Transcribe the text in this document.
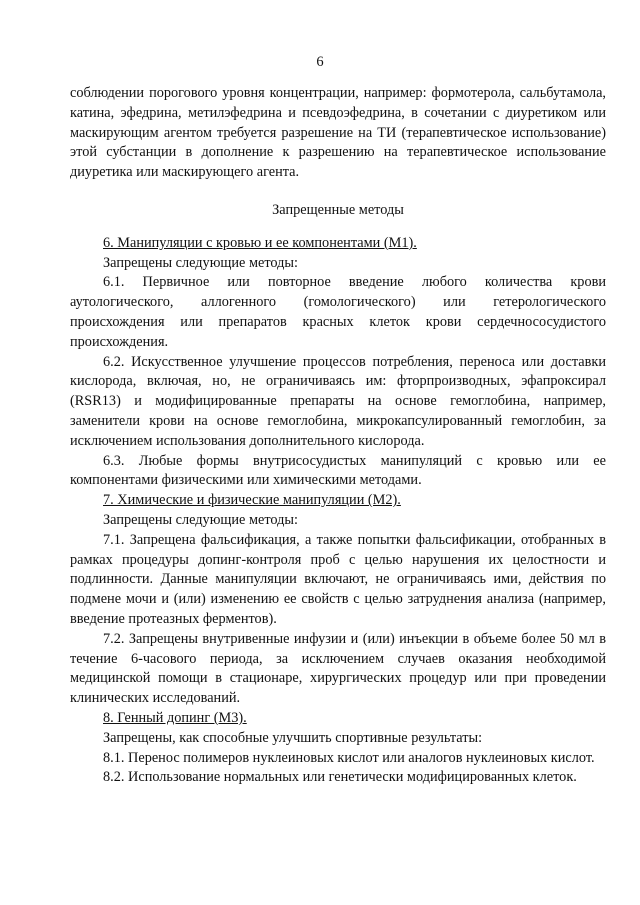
6

соблюдении порогового уровня концентрации, например: формотерола, сальбутамола, катина, эфедрина, метилэфедрина и псевдоэфедрина, в сочетании с диуретиком или маскирующим агентом требуется разрешение на ТИ (терапевтическое использование) этой субстанции в дополнение к разрешению на терапевтическое использование диуретика или маскирующего агента.

Запрещенные методы

6. Манипуляции с кровью и ее компонентами (M1).

Запрещены следующие методы:

6.1. Первичное или повторное введение любого количества крови аутологического, аллогенного (гомологического) или гетерологического происхождения или препаратов красных клеток крови сердечнососудистого происхождения.

6.2. Искусственное улучшение процессов потребления, переноса или доставки кислорода, включая, но, не ограничиваясь им: фторпроизводных, эфапроксирал (RSR13) и модифицированные препараты на основе гемоглобина, например, заменители крови на основе гемоглобина, микрокапсулированный гемоглобин, за исключением использования дополнительного кислорода.

6.3. Любые формы внутрисосудистых манипуляций с кровью или ее компонентами физическими или химическими методами.

7. Химические и физические манипуляции (M2).

Запрещены следующие методы:

7.1. Запрещена фальсификация, а также попытки фальсификации, отобранных в рамках процедуры допинг-контроля проб с целью нарушения их целостности и подлинности. Данные манипуляции включают, не ограничиваясь ими, действия по подмене мочи и (или) изменению ее свойств с целью затруднения анализа (например, введение протеазных ферментов).

7.2. Запрещены внутривенные инфузии и (или) инъекции в объеме более 50 мл в течение 6-часового периода, за исключением случаев оказания необходимой медицинской помощи в стационаре, хирургических процедур или при проведении клинических исследований.

8. Генный допинг (M3).

Запрещены, как способные улучшить спортивные результаты:

8.1. Перенос полимеров нуклеиновых кислот или аналогов нуклеиновых кислот.

8.2. Использование нормальных или генетически модифицированных клеток.
